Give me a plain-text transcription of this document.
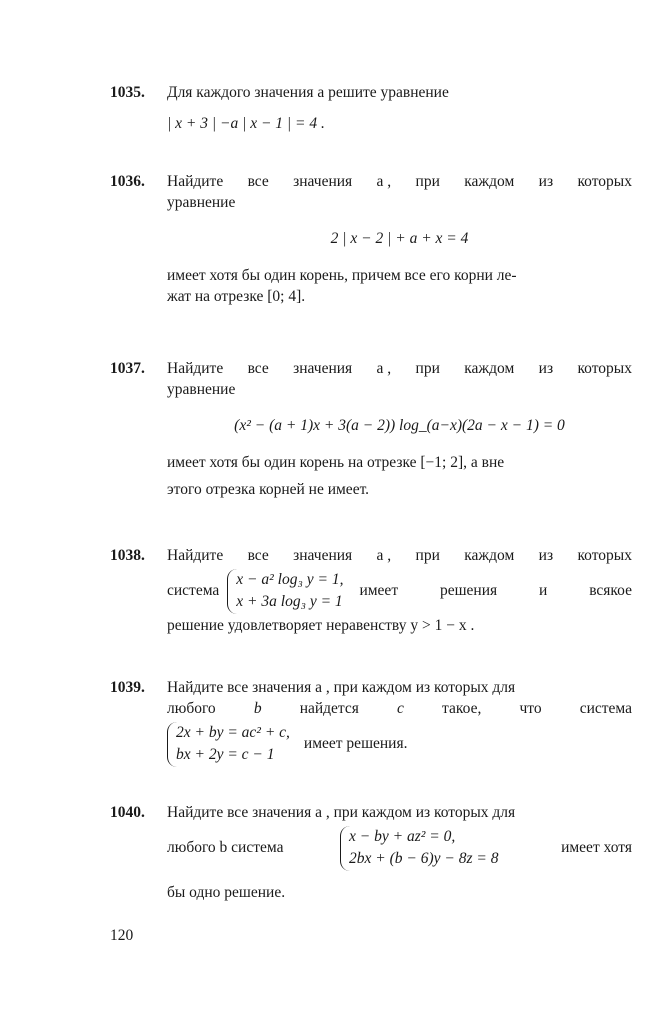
1035. Для каждого значения a решите уравнение
| x + 3 | −a | x − 1 | = 4 .
1036. Найдите все значения a , при каждом из которых
уравнение
2 | x − 2 | + a + x = 4
имеет хотя бы один корень, причем все его корни ле-
жат на отрезке [0; 4].
1037. Найдите все значения a , при каждом из которых
уравнение
(x² − (a + 1)x + 3(a − 2)) log_(a−x)(2a − x − 1) = 0
имеет хотя бы один корень на отрезке [−1; 2], а вне
этого отрезка корней не имеет.
1038. Найдите все значения a , при каждом из которых
система
x − a² log₃ y = 1,
x + 3a log₃ y = 1
имеет	решения	и	всякое
решение удовлетворяет неравенству y > 1 − x .
1039. Найдите все значения a , при каждом из которых для
любого b найдется c такое, что система
2x + by = ac² + c,
bx + 2y = c − 1
имеет решения.
1040. Найдите все значения a , при каждом из которых для
любого b система
x − by + az² = 0,
2bx + (b − 6)y − 8z = 8
имеет хотя
бы одно решение.
120
